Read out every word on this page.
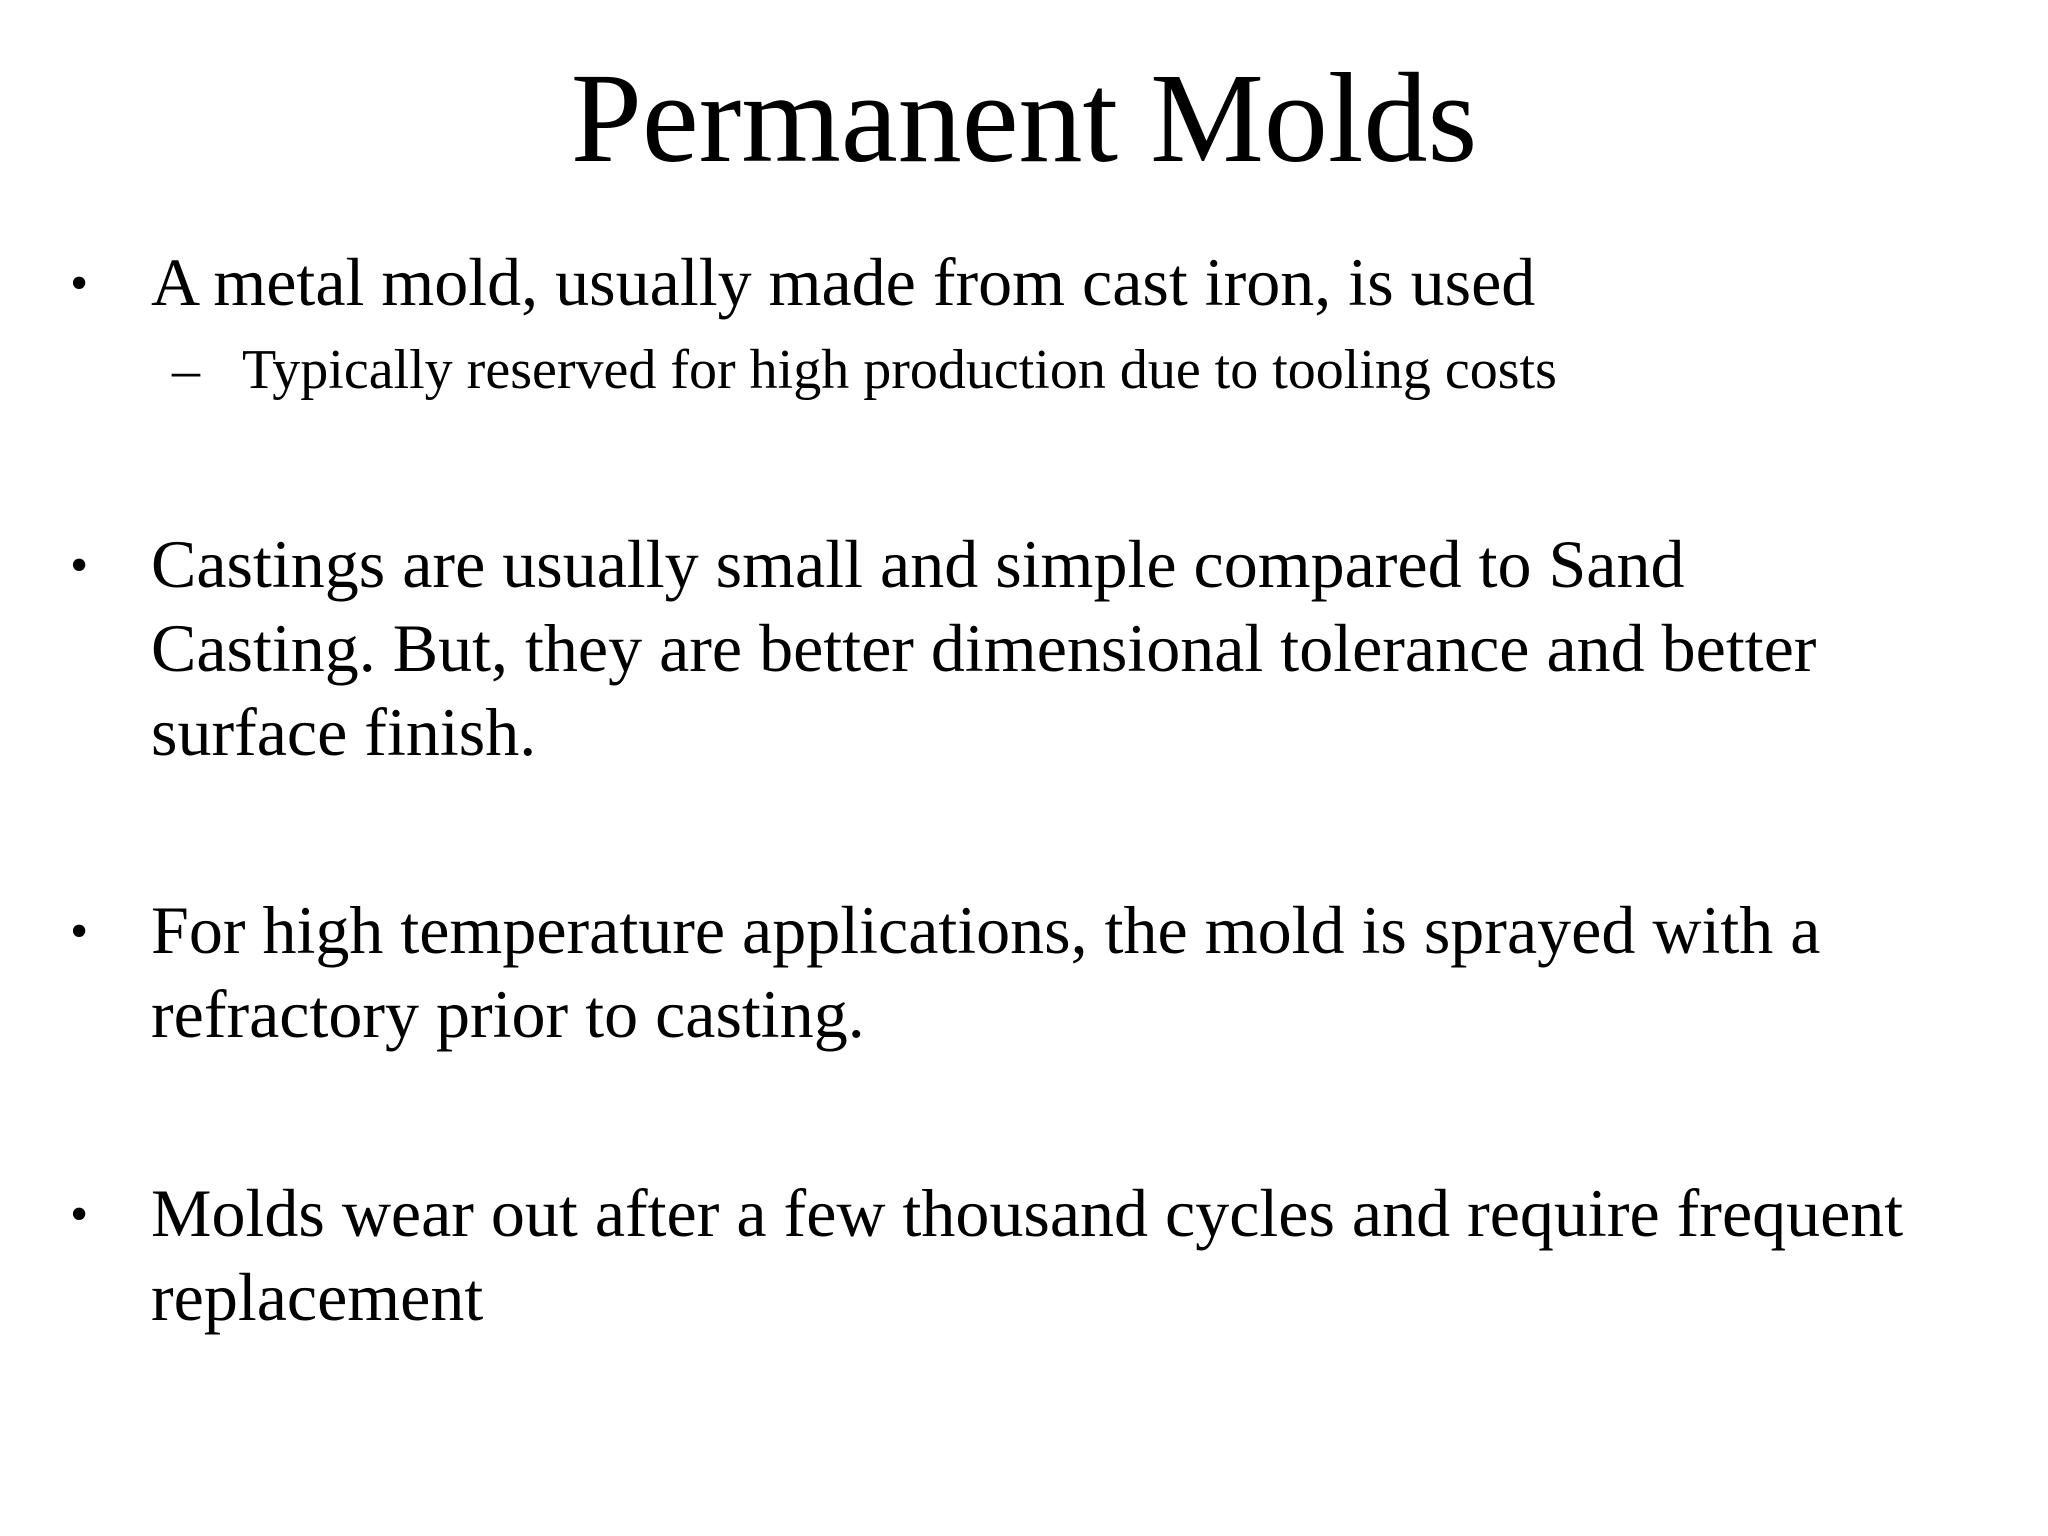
Permanent Molds
• A metal mold, usually made from cast iron, is used
– Typically reserved for high production due to tooling costs
• Castings are usually small and simple compared to Sand Casting. But, they are better dimensional tolerance and better surface finish.
• For high temperature applications, the mold is sprayed with a refractory prior to casting.
• Molds wear out after a few thousand cycles and require frequent replacement
